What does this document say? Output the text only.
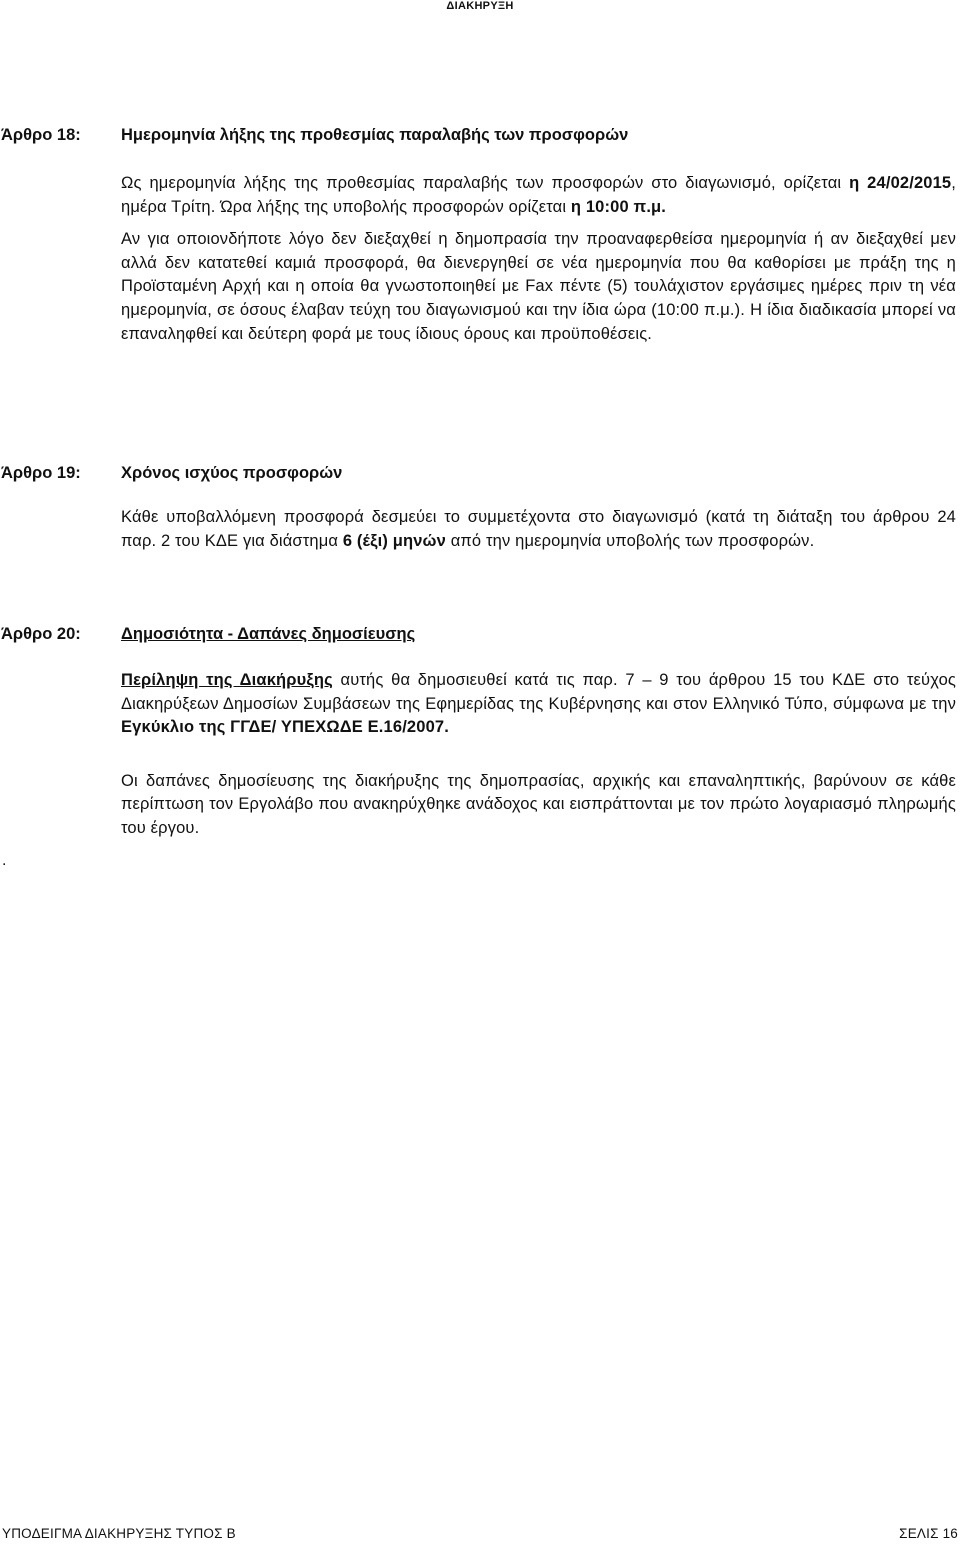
ΔΙΑΚΗΡΥΞΗ
Άρθρο 18:	Ημερομηνία λήξης της προθεσμίας παραλαβής των προσφορών
Ως ημερομηνία λήξης της προθεσμίας παραλαβής των προσφορών στο διαγωνισμό, ορίζεται η 24/02/2015, ημέρα Τρίτη. Ώρα λήξης της υποβολής προσφορών ορίζεται η 10:00 π.μ.
Αν για οποιονδήποτε λόγο δεν διεξαχθεί η δημοπρασία την προαναφερθείσα ημερομηνία ή αν διεξαχθεί μεν αλλά δεν κατατεθεί καμιά προσφορά, θα διενεργηθεί σε νέα ημερομηνία που θα καθορίσει με πράξη της η Προϊσταμένη Αρχή και η οποία θα γνωστοποιηθεί με Fax πέντε (5) τουλάχιστον εργάσιμες ημέρες πριν τη νέα ημερομηνία, σε όσους έλαβαν τεύχη του διαγωνισμού και την ίδια ώρα (10:00 π.μ.). Η ίδια διαδικασία μπορεί να επαναληφθεί και δεύτερη φορά με τους ίδιους όρους και προϋποθέσεις.
Άρθρο 19:	Χρόνος ισχύος προσφορών
Κάθε υποβαλλόμενη προσφορά δεσμεύει το συμμετέχοντα στο διαγωνισμό (κατά τη διάταξη του άρθρου 24 παρ. 2 του ΚΔΕ για διάστημα 6 (έξι) μηνών από την ημερομηνία υποβολής των προσφορών.
Άρθρο 20:	Δημοσιότητα - Δαπάνες δημοσίευσης
Περίληψη της Διακήρυξης αυτής θα δημοσιευθεί κατά τις παρ. 7 – 9 του άρθρου 15 του ΚΔΕ στο τεύχος Διακηρύξεων Δημοσίων Συμβάσεων της Εφημερίδας της Κυβέρνησης και στον Ελληνικό Τύπο, σύμφωνα με την Εγκύκλιο της ΓΓΔΕ/ ΥΠΕΧΩΔΕ Ε.16/2007.
Οι δαπάνες δημοσίευσης της διακήρυξης της δημοπρασίας, αρχικής και επαναληπτικής, βαρύνουν σε κάθε περίπτωση τον Εργολάβο που ανακηρύχθηκε ανάδοχος και εισπράττονται με τον πρώτο λογαριασμό πληρωμής του έργου.
.
ΥΠΟΔΕΙΓΜΑ ΔΙΑΚΗΡΥΞΗΣ ΤΥΠΟΣ Β	ΣΕΛΙΣ 16
